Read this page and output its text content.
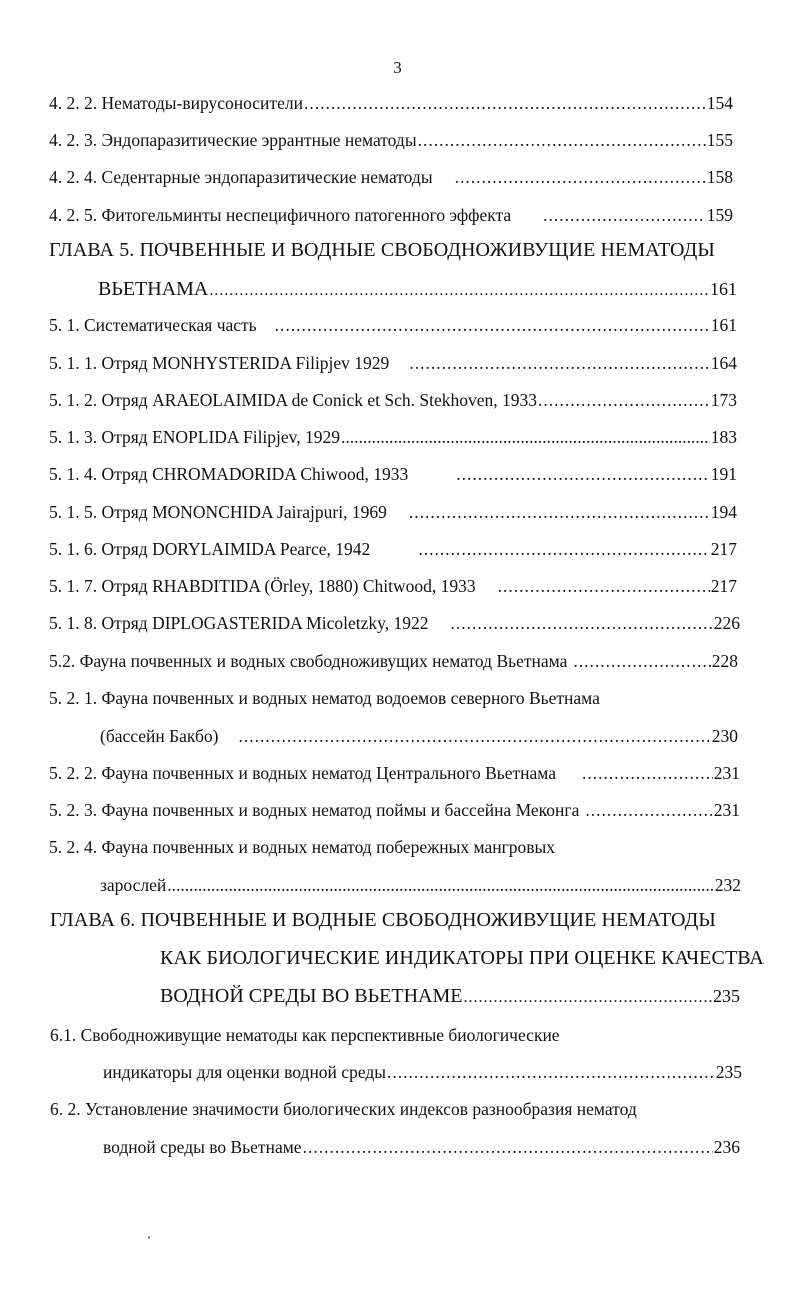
3
4. 2. 2. Нематоды-вирусоносители .....	154
4. 2. 3. Эндопаразитические эррантные нематоды .....	155
4. 2. 4. Седентарные эндопаразитические нематоды .....	158
4. 2. 5. Фитогельминты неспецифичного патогенного эффекта .....	159
ГЛАВА 5. ПОЧВЕННЫЕ И ВОДНЫЕ СВОБОДНОЖИВУЩИЕ НЕМАТОДЫ
ВЬЕТНАМА .....	161
5. 1. Систематическая часть .....	161
5. 1. 1. Отряд MONHYSTERIDA Filipjev 1929 .....	164
5. 1. 2. Отряд ARAEOLAIMIDA de Conick et Sch. Stekhoven, 1933 .....	173
5. 1. 3. Отряд ENOPLIDA Filipjev, 1929 .....	183
5. 1. 4. Отряд CHROMADORIDA Chiwood, 1933 .....	191
5. 1. 5. Отряд MONONCHIDA Jairajpuri, 1969 .....	194
5. 1. 6. Отряд DORYLAIMIDA Pearce, 1942 .....	217
5. 1. 7. Отряд RHABDITIDA (Örley, 1880) Chitwood, 1933 .....	217
5. 1. 8. Отряд DIPLOGASTERIDA Micoletzky, 1922 .....	226
5.2. Фауна почвенных и водных свободноживущих нематод Вьетнама .....	228
5. 2. 1. Фауна почвенных и водных нематод водоемов северного Вьетнама
(бассейн Бакбо) .....	230
5. 2. 2. Фауна почвенных и водных нематод Центрального Вьетнама .....	231
5. 2. 3. Фауна почвенных и водных нематод поймы и бассейна Меконга .....	231
5. 2. 4. Фауна почвенных и водных нематод побережных мангровых
зарослей .....	232
ГЛАВА 6. ПОЧВЕННЫЕ И ВОДНЫЕ СВОБОДНОЖИВУЩИЕ НЕМАТОДЫ
КАК БИОЛОГИЧЕСКИЕ ИНДИКАТОРЫ ПРИ ОЦЕНКЕ КАЧЕСТВА
ВОДНОЙ СРЕДЫ ВО ВЬЕТНАМЕ .....	235
6.1. Свободноживущие нематоды как перспективные биологические
индикаторы для оценки водной среды .....	235
6. 2. Установление значимости биологических индексов разнообразия нематод
водной среды во Вьетнаме .....	236
